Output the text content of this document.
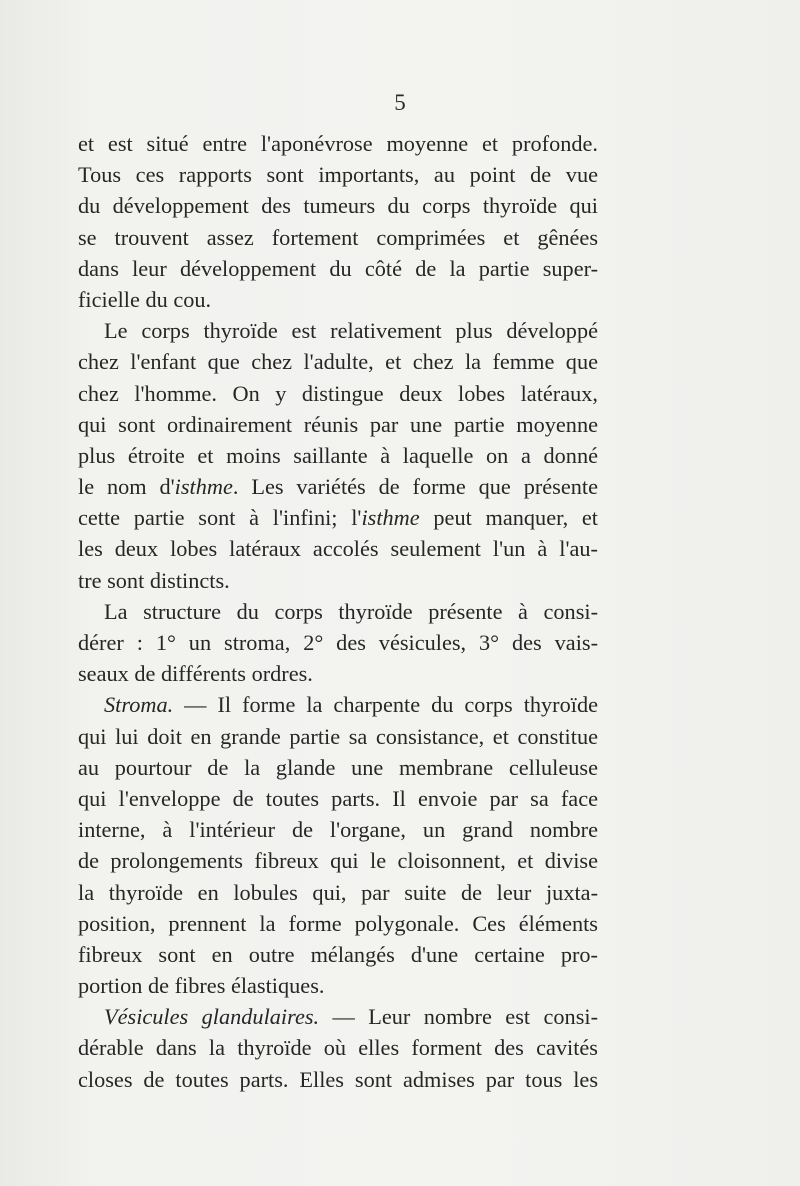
5

et est situé entre l'aponévrose moyenne et profonde.
Tous ces rapports sont importants, au point de vue
du développement des tumeurs du corps thyroïde qui
se trouvent assez fortement comprimées et gênées
dans leur développement du côté de la partie super-
ficielle du cou.

Le corps thyroïde est relativement plus développé
chez l'enfant que chez l'adulte, et chez la femme que
chez l'homme. On y distingue deux lobes latéraux,
qui sont ordinairement réunis par une partie moyenne
plus étroite et moins saillante à laquelle on a donné
le nom d'isthme. Les variétés de forme que présente
cette partie sont à l'infini; l'isthme peut manquer, et
les deux lobes latéraux accolés seulement l'un à l'au-
tre sont distincts.

La structure du corps thyroïde présente à consi-
dérer : 1° un stroma, 2° des vésicules, 3° des vais-
seaux de différents ordres.

Stroma. — Il forme la charpente du corps thyroïde
qui lui doit en grande partie sa consistance, et constitue
au pourtour de la glande une membrane celluleuse
qui l'enveloppe de toutes parts. Il envoie par sa face
interne, à l'intérieur de l'organe, un grand nombre
de prolongements fibreux qui le cloisonnent, et divise
la thyroïde en lobules qui, par suite de leur juxta-
position, prennent la forme polygonale. Ces éléments
fibreux sont en outre mélangés d'une certaine pro-
portion de fibres élastiques.

Vésicules glandulaires. — Leur nombre est consi-
dérable dans la thyroïde où elles forment des cavités
closes de toutes parts. Elles sont admises par tous les
